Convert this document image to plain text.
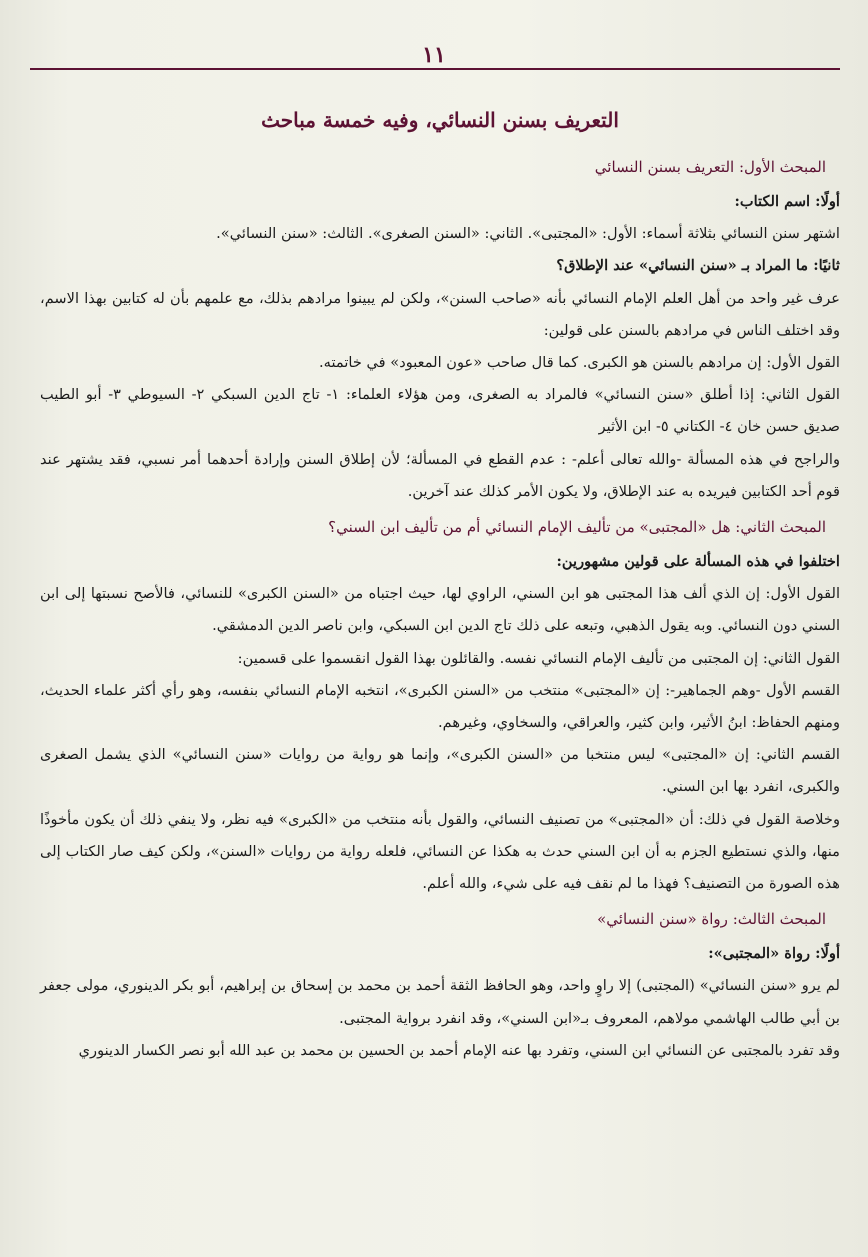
١١

التعريف بسنن النسائي، وفيه خمسة مباحث

المبحث الأول: التعريف بسنن النسائي

أولًا: اسم الكتاب:

اشتهر سنن النسائي بثلاثة أسماء: الأول: «المجتبى». الثاني: «السنن الصغرى». الثالث: «سنن النسائي».

ثانيًا: ما المراد بـ «سنن النسائي» عند الإطلاق؟

عرف غير واحد من أهل العلم الإمام النسائي بأنه «صاحب السنن»، ولكن لم يبينوا مرادهم بذلك، مع علمهم بأن له كتابين بهذا الاسم، وقد اختلف الناس في مرادهم بالسنن على قولين:

القول الأول: إن مرادهم بالسنن هو الكبرى. كما قال صاحب «عون المعبود» في خاتمته.

القول الثاني: إذا أطلق «سنن النسائي» فالمراد به الصغرى، ومن هؤلاء العلماء: ١- تاج الدين السبكي ٢- السيوطي ٣- أبو الطيب صديق حسن خان ٤- الكتاني ٥- ابن الأثير

والراجح في هذه المسألة -والله تعالى أعلم- : عدم القطع في المسألة؛ لأن إطلاق السنن وإرادة أحدهما أمر نسبي، فقد يشتهر عند قوم أحد الكتابين فيريده به عند الإطلاق، ولا يكون الأمر كذلك عند آخرين.

المبحث الثاني: هل «المجتبى» من تأليف الإمام النسائي أم من تأليف ابن السني؟

اختلفوا في هذه المسألة على قولين مشهورين:

القول الأول: إن الذي ألف هذا المجتبى هو ابن السني، الراوي لها، حيث اجتباه من «السنن الكبرى» للنسائي، فالأصح نسبتها إلى ابن السني دون النسائي. وبه يقول الذهبي، وتبعه على ذلك تاج الدين ابن السبكي، وابن ناصر الدين الدمشقي.

القول الثاني: إن المجتبى من تأليف الإمام النسائي نفسه. والقائلون بهذا القول انقسموا على قسمين:

القسم الأول -وهم الجماهير-: إن «المجتبى» منتخب من «السنن الكبرى»، انتخبه الإمام النسائي بنفسه، وهو رأي أكثر علماء الحديث، ومنهم الحفاظ: ابنُ الأثير، وابن كثير، والعراقي، والسخاوي، وغيرهم.

القسم الثاني: إن «المجتبى» ليس منتخبا من «السنن الكبرى»، وإنما هو رواية من روايات «سنن النسائي» الذي يشمل الصغرى والكبرى، انفرد بها ابن السني.

وخلاصة القول في ذلك: أن «المجتبى» من تصنيف النسائي، والقول بأنه منتخب من «الكبرى» فيه نظر، ولا ينفي ذلك أن يكون مأخوذًا منها، والذي نستطيع الجزم به أن ابن السني حدث به هكذا عن النسائي، فلعله رواية من روايات «السنن»، ولكن كيف صار الكتاب إلى هذه الصورة من التصنيف؟ فهذا ما لم نقف فيه على شيء، والله أعلم.

المبحث الثالث: رواة «سنن النسائي»

أولًا: رواة «المجتبى»:

لم يرو «سنن النسائي» (المجتبى) إلا راوٍ واحد، وهو الحافظ الثقة أحمد بن محمد بن إسحاق بن إبراهيم، أبو بكر الدينوري، مولى جعفر بن أبي طالب الهاشمي مولاهم، المعروف بـ«ابن السني»، وقد انفرد برواية المجتبى.

وقد تفرد بالمجتبى عن النسائي ابن السني، وتفرد بها عنه الإمام أحمد بن الحسين بن محمد بن عبد الله أبو نصر الكسار الدينوري
